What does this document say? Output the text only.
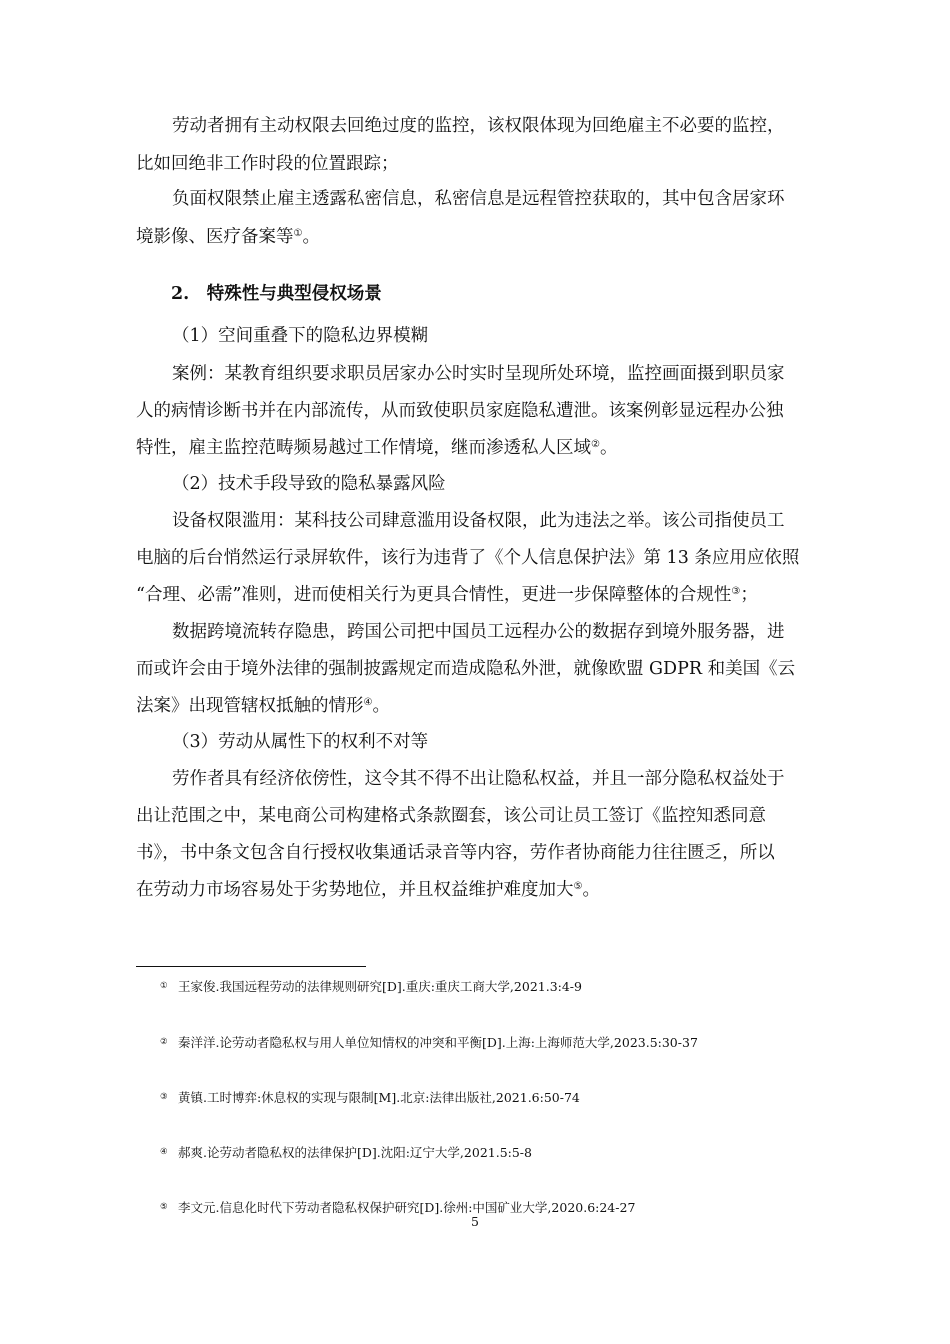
劳动者拥有主动权限去回绝过度的监控，该权限体现为回绝雇主不必要的监控，
比如回绝非工作时段的位置跟踪；
负面权限禁止雇主透露私密信息，私密信息是远程管控获取的，其中包含居家环
境影像、医疗备案等①。
2.　特殊性与典型侵权场景
（1）空间重叠下的隐私边界模糊
案例：某教育组织要求职员居家办公时实时呈现所处环境，监控画面摄到职员家
人的病情诊断书并在内部流传，从而致使职员家庭隐私遭泄。该案例彰显远程办公独
特性，雇主监控范畴频易越过工作情境，继而渗透私人区域②。
（2）技术手段导致的隐私暴露风险
设备权限滥用：某科技公司肆意滥用设备权限，此为违法之举。该公司指使员工
电脑的后台悄然运行录屏软件，该行为违背了《个人信息保护法》第 13 条应用应依照
“合理、必需”准则，进而使相关行为更具合情性，更进一步保障整体的合规性③；
数据跨境流转存隐患，跨国公司把中国员工远程办公的数据存到境外服务器，进
而或许会由于境外法律的强制披露规定而造成隐私外泄，就像欧盟 GDPR 和美国《云
法案》出现管辖权抵触的情形④。
（3）劳动从属性下的权利不对等
劳作者具有经济依傍性，这令其不得不出让隐私权益，并且一部分隐私权益处于
出让范围之中，某电商公司构建格式条款圈套，该公司让员工签订《监控知悉同意
书》，书中条文包含自行授权收集通话录音等内容，劳作者协商能力往往匮乏，所以
在劳动力市场容易处于劣势地位，并且权益维护难度加大⑤。
① 王家俊.我国远程劳动的法律规则研究[D].重庆:重庆工商大学,2021.3:4-9
② 秦洋洋.论劳动者隐私权与用人单位知情权的冲突和平衡[D].上海:上海师范大学,2023.5:30-37
③ 黄镇.工时博弈:休息权的实现与限制[M].北京:法律出版社,2021.6:50-74
④ 郝爽.论劳动者隐私权的法律保护[D].沈阳:辽宁大学,2021.5:5-8
⑤ 李文元.信息化时代下劳动者隐私权保护研究[D].徐州:中国矿业大学,2020.6:24-27
5
